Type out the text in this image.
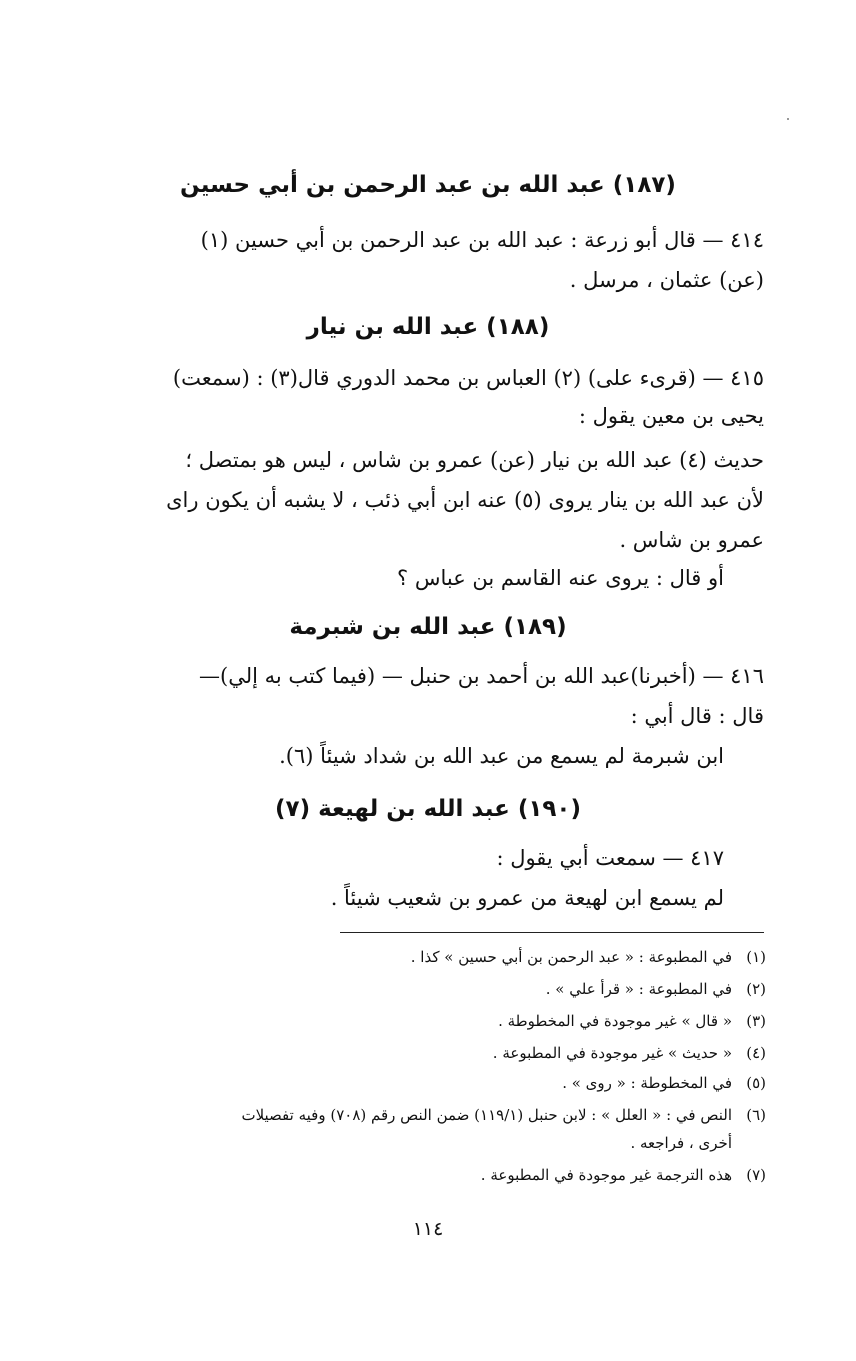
(١٨٧) عبد الله بن عبد الرحمن بن أبي حسين
٤١٤ — قال أبو زرعة : عبد الله بن عبد الرحمن بن أبي حسين (١)
(عن) عثمان ، مرسل .
(١٨٨) عبد الله بن نيار
٤١٥ — (قرىء على) (٢) العباس بن محمد الدوري قال(٣) : (سمعت)
يحيى بن معين يقول :
حديث (٤) عبد الله بن نيار (عن) عمرو بن شاس ، ليس هو بمتصل ؛
لأن عبد الله بن ينار يروى (٥) عنه ابن أبي ذئب ، لا يشبه أن يكون راى
عمرو بن شاس .
أو قال : يروى عنه القاسم بن عباس ؟
(١٨٩) عبد الله بن شبرمة
٤١٦ — (أخبرنا)عبد الله بن أحمد بن حنبل — (فيما كتب به إلي)—
قال : قال أبي :
ابن شبرمة لم يسمع من عبد الله بن شداد شيئاً (٦).
(١٩٠) عبد الله بن لهيعة (٧)
٤١٧ — سمعت أبي يقول :
لم يسمع ابن لهيعة من عمرو بن شعيب شيئاً .
(١)في المطبوعة : « عبد الرحمن بن أبي حسين » كذا .
(٢)في المطبوعة : « قرأ علي » .
(٣)« قال » غير موجودة في المخطوطة .
(٤)« حديث » غير موجودة في المطبوعة .
(٥)في المخطوطة : « روى » .
(٦)النص في : « العلل » : لابن حنبل (١١٩/١) ضمن النص رقم (٧٠٨) وفيه تفصيلات
أخرى ، فراجعه .
(٧)هذه الترجمة غير موجودة في المطبوعة .
١١٤
